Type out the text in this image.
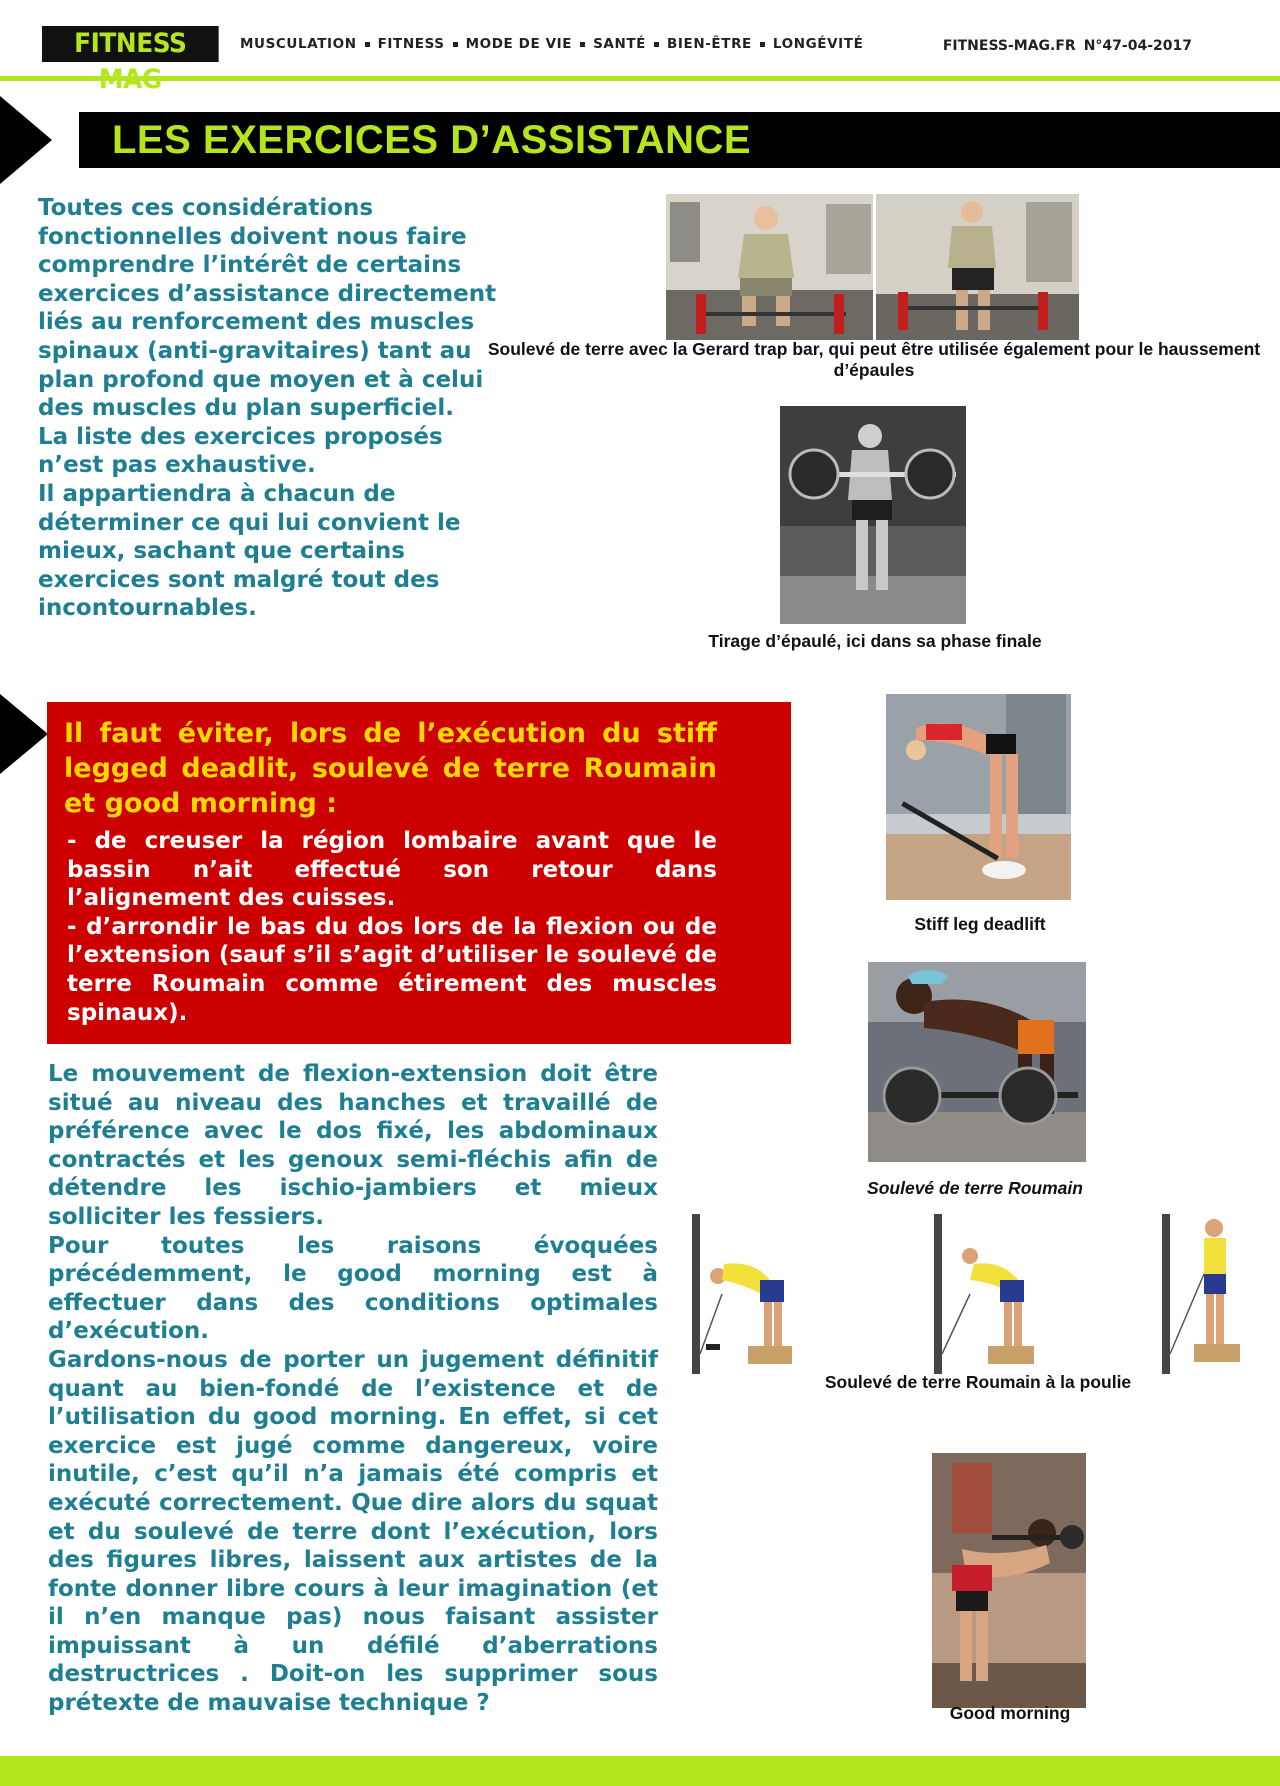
FITNESS	MUSCULATION FITNESS MODE DE VIE SANTÉ BIEN-ÊTRE LONGÉVITÉ	FITNESS-MAG.FR N°47-04-2017
LES EXERCICES D’ASSISTANCE

Toutes ces considérations fonctionnelles doivent nous faire comprendre l’intérêt de certains exercices d’assistance directement liés au renforcement des muscles spinaux (anti-gravitaires) tant au plan profond que moyen et à celui des muscles du plan superficiel.

La liste des exercices proposés n’est pas exhaustive.

Il appartiendra à chacun de déterminer ce qui lui convient le mieux, sachant que certains exercices sont malgré tout des incontournables.

Soulevé de terre avec la Gerard trap bar, qui peut être utilisée également pour le haussement d’épaules
Tirage d’épaulé, ici dans sa phase finale

Il faut éviter, lors de l’exécution du stiff legged deadlit, soulevé de terre Roumain et good morning :

- de creuser la région lombaire avant que le bassin n’ait effectué son retour dans l’alignement des cuisses.
- d’arrondir le bas du dos lors de la flexion ou de l’extension (sauf s’il s’agit d’utiliser le soulevé de terre Roumain comme étirement des muscles spinaux).
Stiff leg deadlift
Soulevé de terre Roumain
Soulevé de terre Roumain à la poulie

Le mouvement de flexion-extension doit être situé au niveau des hanches et travaillé de préférence avec le dos fixé, les abdominaux contractés et les genoux semi-fléchis afin de détendre les ischio-jambiers et mieux solliciter les fessiers.

Pour toutes les raisons évoquées précédemment, le good morning est à effectuer dans des conditions optimales d’exécution.

Gardons-nous de porter un jugement définitif quant au bien-fondé de l’existence et de l’utilisation du good morning. En effet, si cet exercice est jugé comme dangereux, voire inutile, c’est qu’il n’a jamais été compris et exécuté correctement. Que dire alors du squat et du soulevé de terre dont l’exécution, lors des figures libres, laissent aux artistes de la fonte donner libre cours à leur imagination (et il n’en manque pas) nous faisant assister impuissant à un défilé d’aberrations destructrices . Doit-on les supprimer sous prétexte de mauvaise technique ?	Good morning
